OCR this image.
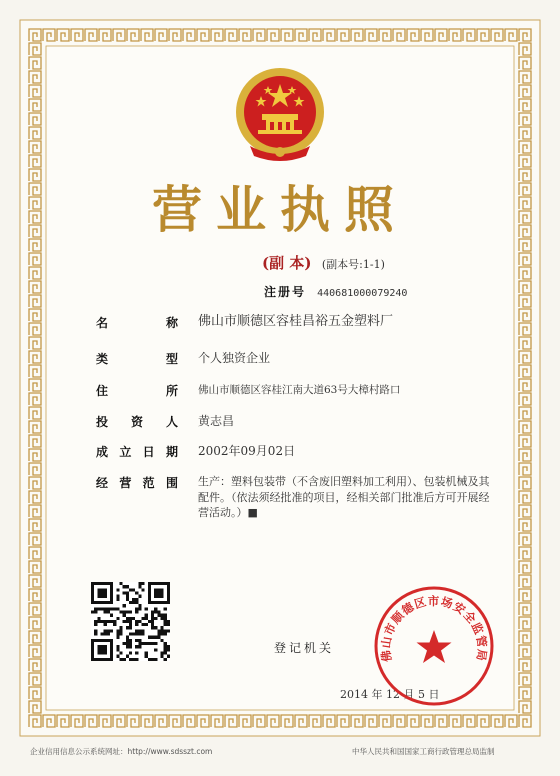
营业执照
(副 本) (副本号:1-1)
注册号 440681000079240
名	称 佛山市顺德区容桂昌裕五金塑料厂
类	型 个人独资企业
住	所 佛山市顺德区容桂江南大道63号大樟村路口
投 资 人 黄志昌
成 立 日 期 2002年09月02日
经 营 范 围 生产：塑料包装带（不含废旧塑料加工利用）、包装机械及其配件。（依法须经批准的项目，经相关部门批准后方可开展经营活动。）■
登记机关
2014 年 12 月 5 日
佛山市顺德区市场安全监管局
企业信用信息公示系统网址：http://www.sdsszt.com	中华人民共和国国家工商行政管理总局监制
